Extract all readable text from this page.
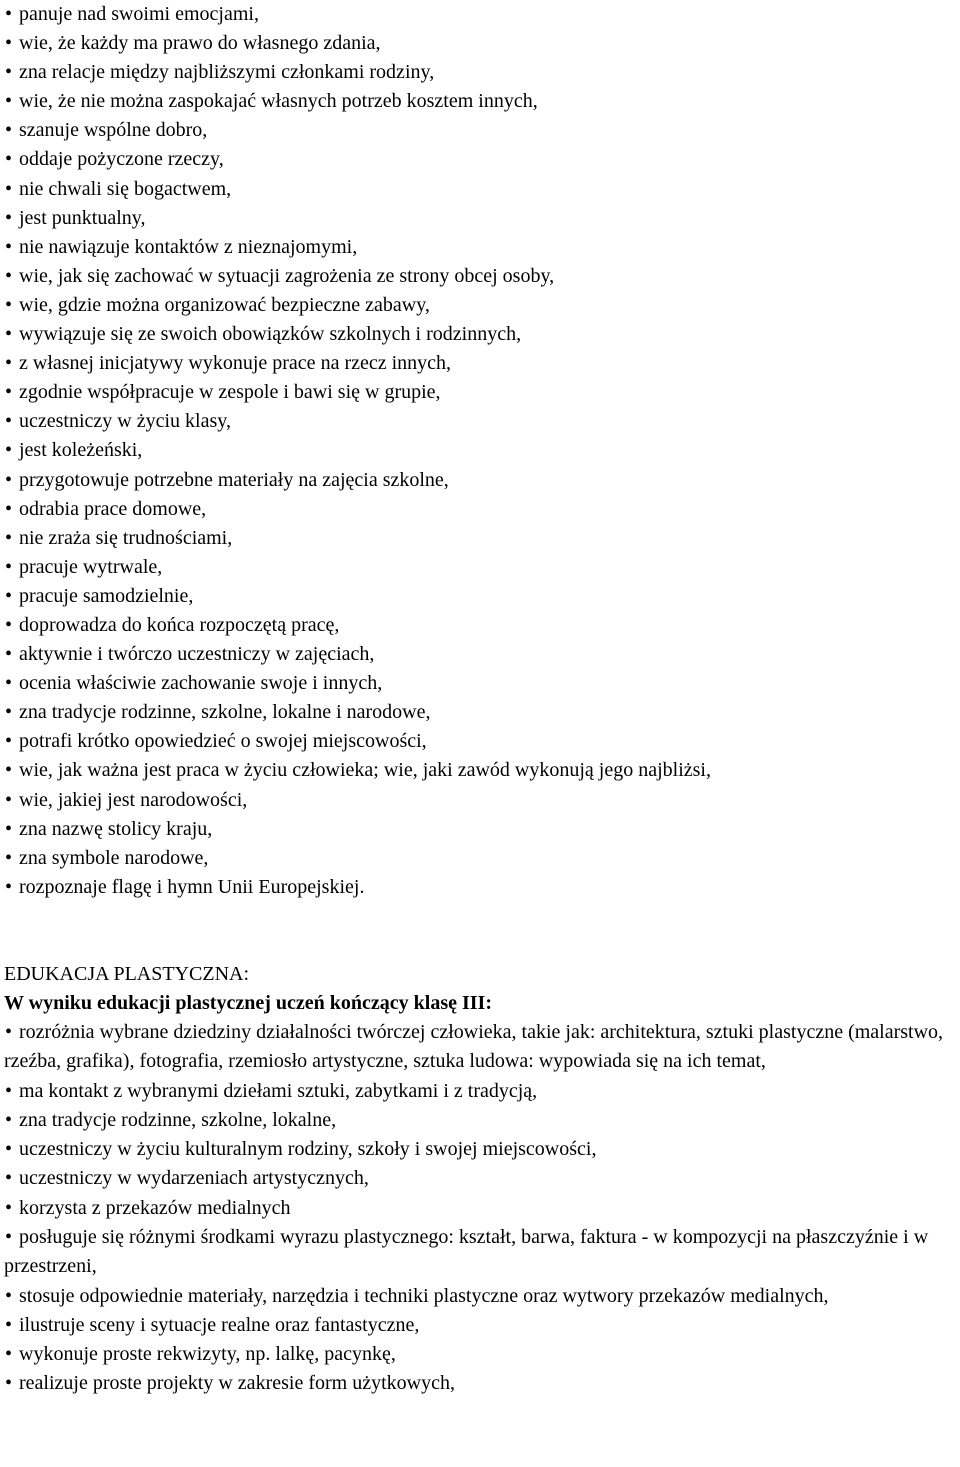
• panuje nad swoimi emocjami,
• wie, że każdy ma prawo do własnego zdania,
• zna relacje między najbliższymi członkami rodziny,
• wie, że nie można zaspokajać własnych potrzeb kosztem innych,
• szanuje wspólne dobro,
• oddaje pożyczone rzeczy,
• nie chwali się bogactwem,
• jest punktualny,
• nie nawiązuje kontaktów z nieznajomymi,
• wie, jak się zachować w sytuacji zagrożenia ze strony obcej osoby,
• wie, gdzie można organizować bezpieczne zabawy,
• wywiązuje się ze swoich obowiązków szkolnych i rodzinnych,
• z własnej inicjatywy wykonuje prace na rzecz innych,
• zgodnie współpracuje w zespole i bawi się w grupie,
• uczestniczy w życiu klasy,
• jest koleżeński,
• przygotowuje potrzebne materiały na zajęcia szkolne,
• odrabia prace domowe,
• nie zraża się trudnościami,
• pracuje wytrwale,
• pracuje samodzielnie,
• doprowadza do końca rozpoczętą pracę,
• aktywnie i twórczo uczestniczy w zajęciach,
• ocenia właściwie zachowanie swoje i innych,
• zna tradycje rodzinne, szkolne, lokalne i narodowe,
• potrafi krótko opowiedzieć o swojej miejscowości,
• wie, jak ważna jest praca w życiu człowieka; wie, jaki zawód wykonują jego najbliżsi,
• wie, jakiej jest narodowości,
• zna nazwę stolicy kraju,
• zna symbole narodowe,
• rozpoznaje flagę i hymn Unii Europejskiej.
EDUKACJA PLASTYCZNA:
W wyniku edukacji plastycznej uczeń kończący klasę III:
• rozróżnia wybrane dziedziny działalności twórczej człowieka, takie jak: architektura, sztuki plastyczne (malarstwo, rzeźba, grafika), fotografia, rzemiosło artystyczne, sztuka ludowa: wypowiada się na ich temat,
• ma kontakt z wybranymi dziełami sztuki, zabytkami i z tradycją,
• zna tradycje rodzinne, szkolne, lokalne,
• uczestniczy w życiu kulturalnym rodziny, szkoły i swojej miejscowości,
• uczestniczy w wydarzeniach artystycznych,
• korzysta z przekazów medialnych
• posługuje się różnymi środkami wyrazu plastycznego: kształt, barwa, faktura - w kompozycji na płaszczyźnie i w przestrzeni,
• stosuje odpowiednie materiały, narzędzia i techniki plastyczne oraz wytwory przekazów medialnych,
• ilustruje sceny i sytuacje realne oraz fantastyczne,
• wykonuje proste rekwizyty, np. lalkę, pacynkę,
• realizuje proste projekty w zakresie form użytkowych,
